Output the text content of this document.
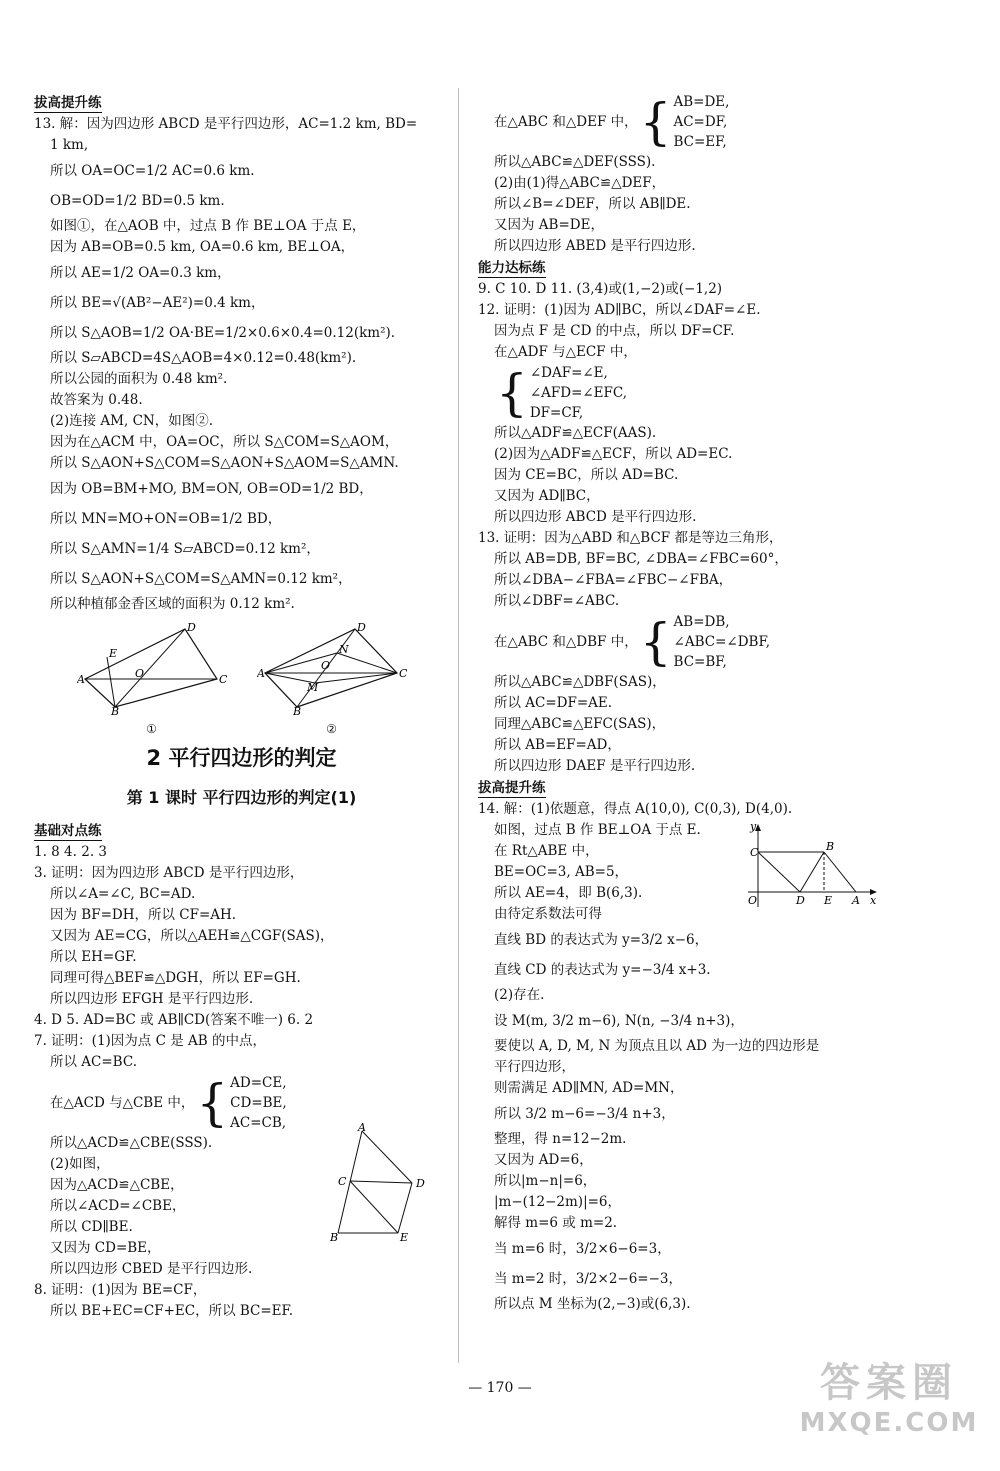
拔高提升练
13. 解：因为四边形 ABCD 是平行四边形，AC=1.2 km, BD=
1 km,
所以 OA=OC=1/2 AC=0.6 km.
OB=OD=1/2 BD=0.5 km.
如图①，在△AOB 中，过点 B 作 BE⊥OA 于点 E，
因为 AB=OB=0.5 km, OA=0.6 km, BE⊥OA，
所以 AE=1/2 OA=0.3 km，
所以 BE=√(AB²−AE²)=0.4 km，
所以 S△AOB=1/2 OA·BE=1/2×0.6×0.4=0.12(km²).
所以 S▱ABCD=4S△AOB=4×0.12=0.48(km²).
所以公园的面积为 0.48 km².
故答案为 0.48.
(2)连接 AM, CN，如图②.
因为在△ACM 中，OA=OC，所以 S△COM=S△AOM，
所以 S△AON+S△COM=S△AON+S△AOM=S△AMN.
因为 OB=BM+MO, BM=ON, OB=OD=1/2 BD，
所以 MN=MO+ON=OB=1/2 BD，
所以 S△AMN=1/4 S▱ABCD=0.12 km²，
所以 S△AON+S△COM=S△AMN=0.12 km²，
所以种植郁金香区域的面积为 0.12 km².
A
D
C
B
E
O
①
A
D
C
B
N
M
O
②
2 平行四边形的判定
第 1 课时 平行四边形的判定(1)
基础对点练
1. 8 4. 2. 3
3. 证明：因为四边形 ABCD 是平行四边形，
所以∠A=∠C, BC=AD.
因为 BF=DH，所以 CF=AH.
又因为 AE=CG，所以△AEH≌△CGF(SAS)，
所以 EH=GF.
同理可得△BEF≌△DGH，所以 EF=GH.
所以四边形 EFGH 是平行四边形.
4. D 5. AD=BC 或 AB∥CD(答案不唯一) 6. 2
7. 证明：(1)因为点 C 是 AB 的中点，
所以 AC=BC.
在△ACD 与△CBE 中， { AD=CE,
CD=BE,
AC=CB,
所以△ACD≌△CBE(SSS).
(2)如图，
因为△ACD≌△CBE，
所以∠ACD=∠CBE，
所以 CD∥BE.
又因为 CD=BE，
所以四边形 CBED 是平行四边形.
A
C	D
B	E
8. 证明：(1)因为 BE=CF，
所以 BE+EC=CF+EC，所以 BC=EF.
在△ABC 和△DEF 中， { AB=DE,
AC=DF,
BC=EF,
所以△ABC≌△DEF(SSS).
(2)由(1)得△ABC≌△DEF，
所以∠B=∠DEF，所以 AB∥DE.
又因为 AB=DE，
所以四边形 ABED 是平行四边形.
能力达标练
9. C 10. D 11. (3,4)或(1,−2)或(−1,2)
12. 证明：(1)因为 AD∥BC，所以∠DAF=∠E.
因为点 F 是 CD 的中点，所以 DF=CF.
在△ADF 与△ECF 中，
{ ∠DAF=∠E,
∠AFD=∠EFC,
DF=CF,
所以△ADF≌△ECF(AAS).
(2)因为△ADF≌△ECF，所以 AD=EC.
因为 CE=BC，所以 AD=BC.
又因为 AD∥BC，
所以四边形 ABCD 是平行四边形.
13. 证明：因为△ABD 和△BCF 都是等边三角形，
所以 AB=DB, BF=BC, ∠DBA=∠FBC=60°，
所以∠DBA−∠FBA=∠FBC−∠FBA，
所以∠DBF=∠ABC.
在△ABC 和△DBF 中， { AB=DB,
∠ABC=∠DBF,
BC=BF,
所以△ABC≌△DBF(SAS)，
所以 AC=DF=AE.
同理△ABC≌△EFC(SAS)，
所以 AB=EF=AD，
所以四边形 DAEF 是平行四边形.
拔高提升练
14. 解：(1)依题意，得点 A(10,0), C(0,3), D(4,0).
如图，过点 B 作 BE⊥OA 于点 E.
在 Rt△ABE 中，
BE=OC=3, AB=5，
所以 AE=4，即 B(6,3).
由待定系数法可得
y
C	B
O	D E A x
直线 BD 的表达式为 y=3/2 x−6，
直线 CD 的表达式为 y=−3/4 x+3.
(2)存在.
设 M(m, 3/2 m−6), N(n, −3/4 n+3)，
要使以 A, D, M, N 为顶点且以 AD 为一边的四边形是
平行四边形，
则需满足 AD∥MN, AD=MN，
所以 3/2 m−6=−3/4 n+3，
整理，得 n=12−2m.
又因为 AD=6，
所以|m−n|=6，
|m−(12−2m)|=6，
解得 m=6 或 m=2.
当 m=6 时，3/2×6−6=3，
当 m=2 时，3/2×2−6=−3，
所以点 M 坐标为(2,−3)或(6,3).
— 170 —	答案圈
MXQE.COM
